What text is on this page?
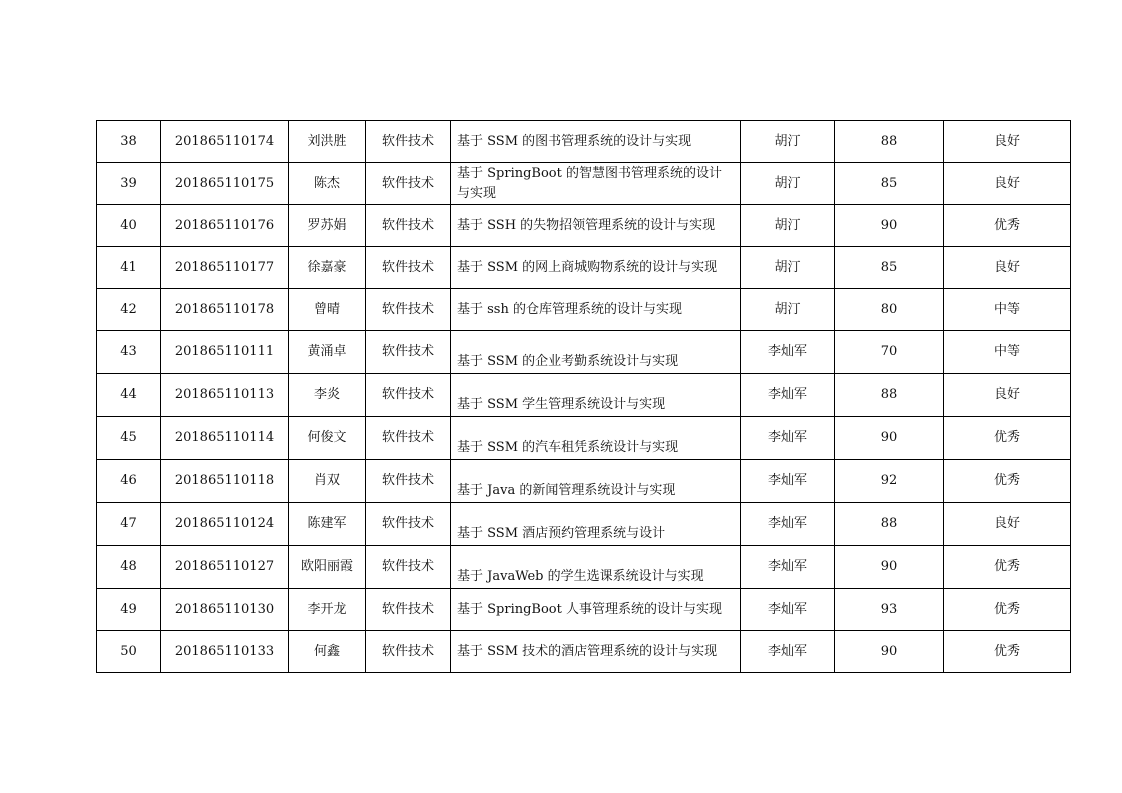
38	201865110174	刘洪胜	软件技术	基于 SSM 的图书管理系统的设计与实现	胡汀	88	良好

39	201865110175	陈杰	软件技术	基于 SpringBoot 的智慧图书管理系统的设计与实现	胡汀	85	良好

40	201865110176	罗苏娟	软件技术	基于 SSH 的失物招领管理系统的设计与实现	胡汀	90	优秀

41	201865110177	徐嘉豪	软件技术	基于 SSM 的网上商城购物系统的设计与实现	胡汀	85	良好

42	201865110178	曾晴	软件技术	基于 ssh 的仓库管理系统的设计与实现	胡汀	80	中等

43	201865110111	黄涌卓	软件技术	基于 SSM 的企业考勤系统设计与实现	李灿军	70	中等

44	201865110113	李炎	软件技术	基于 SSM 学生管理系统设计与实现	李灿军	88	良好

45	201865110114	何俊文	软件技术	基于 SSM 的汽车租凭系统设计与实现	李灿军	90	优秀

46	201865110118	肖双	软件技术	基于 Java 的新闻管理系统设计与实现	李灿军	92	优秀

47	201865110124	陈建军	软件技术	基于 SSM 酒店预约管理系统与设计	李灿军	88	良好

48	201865110127	欧阳丽霞	软件技术	基于 JavaWeb 的学生选课系统设计与实现	李灿军	90	优秀

49	201865110130	李开龙	软件技术	基于 SpringBoot 人事管理系统的设计与实现	李灿军	93	优秀

50	201865110133	何鑫	软件技术	基于 SSM 技术的酒店管理系统的设计与实现	李灿军	90	优秀
